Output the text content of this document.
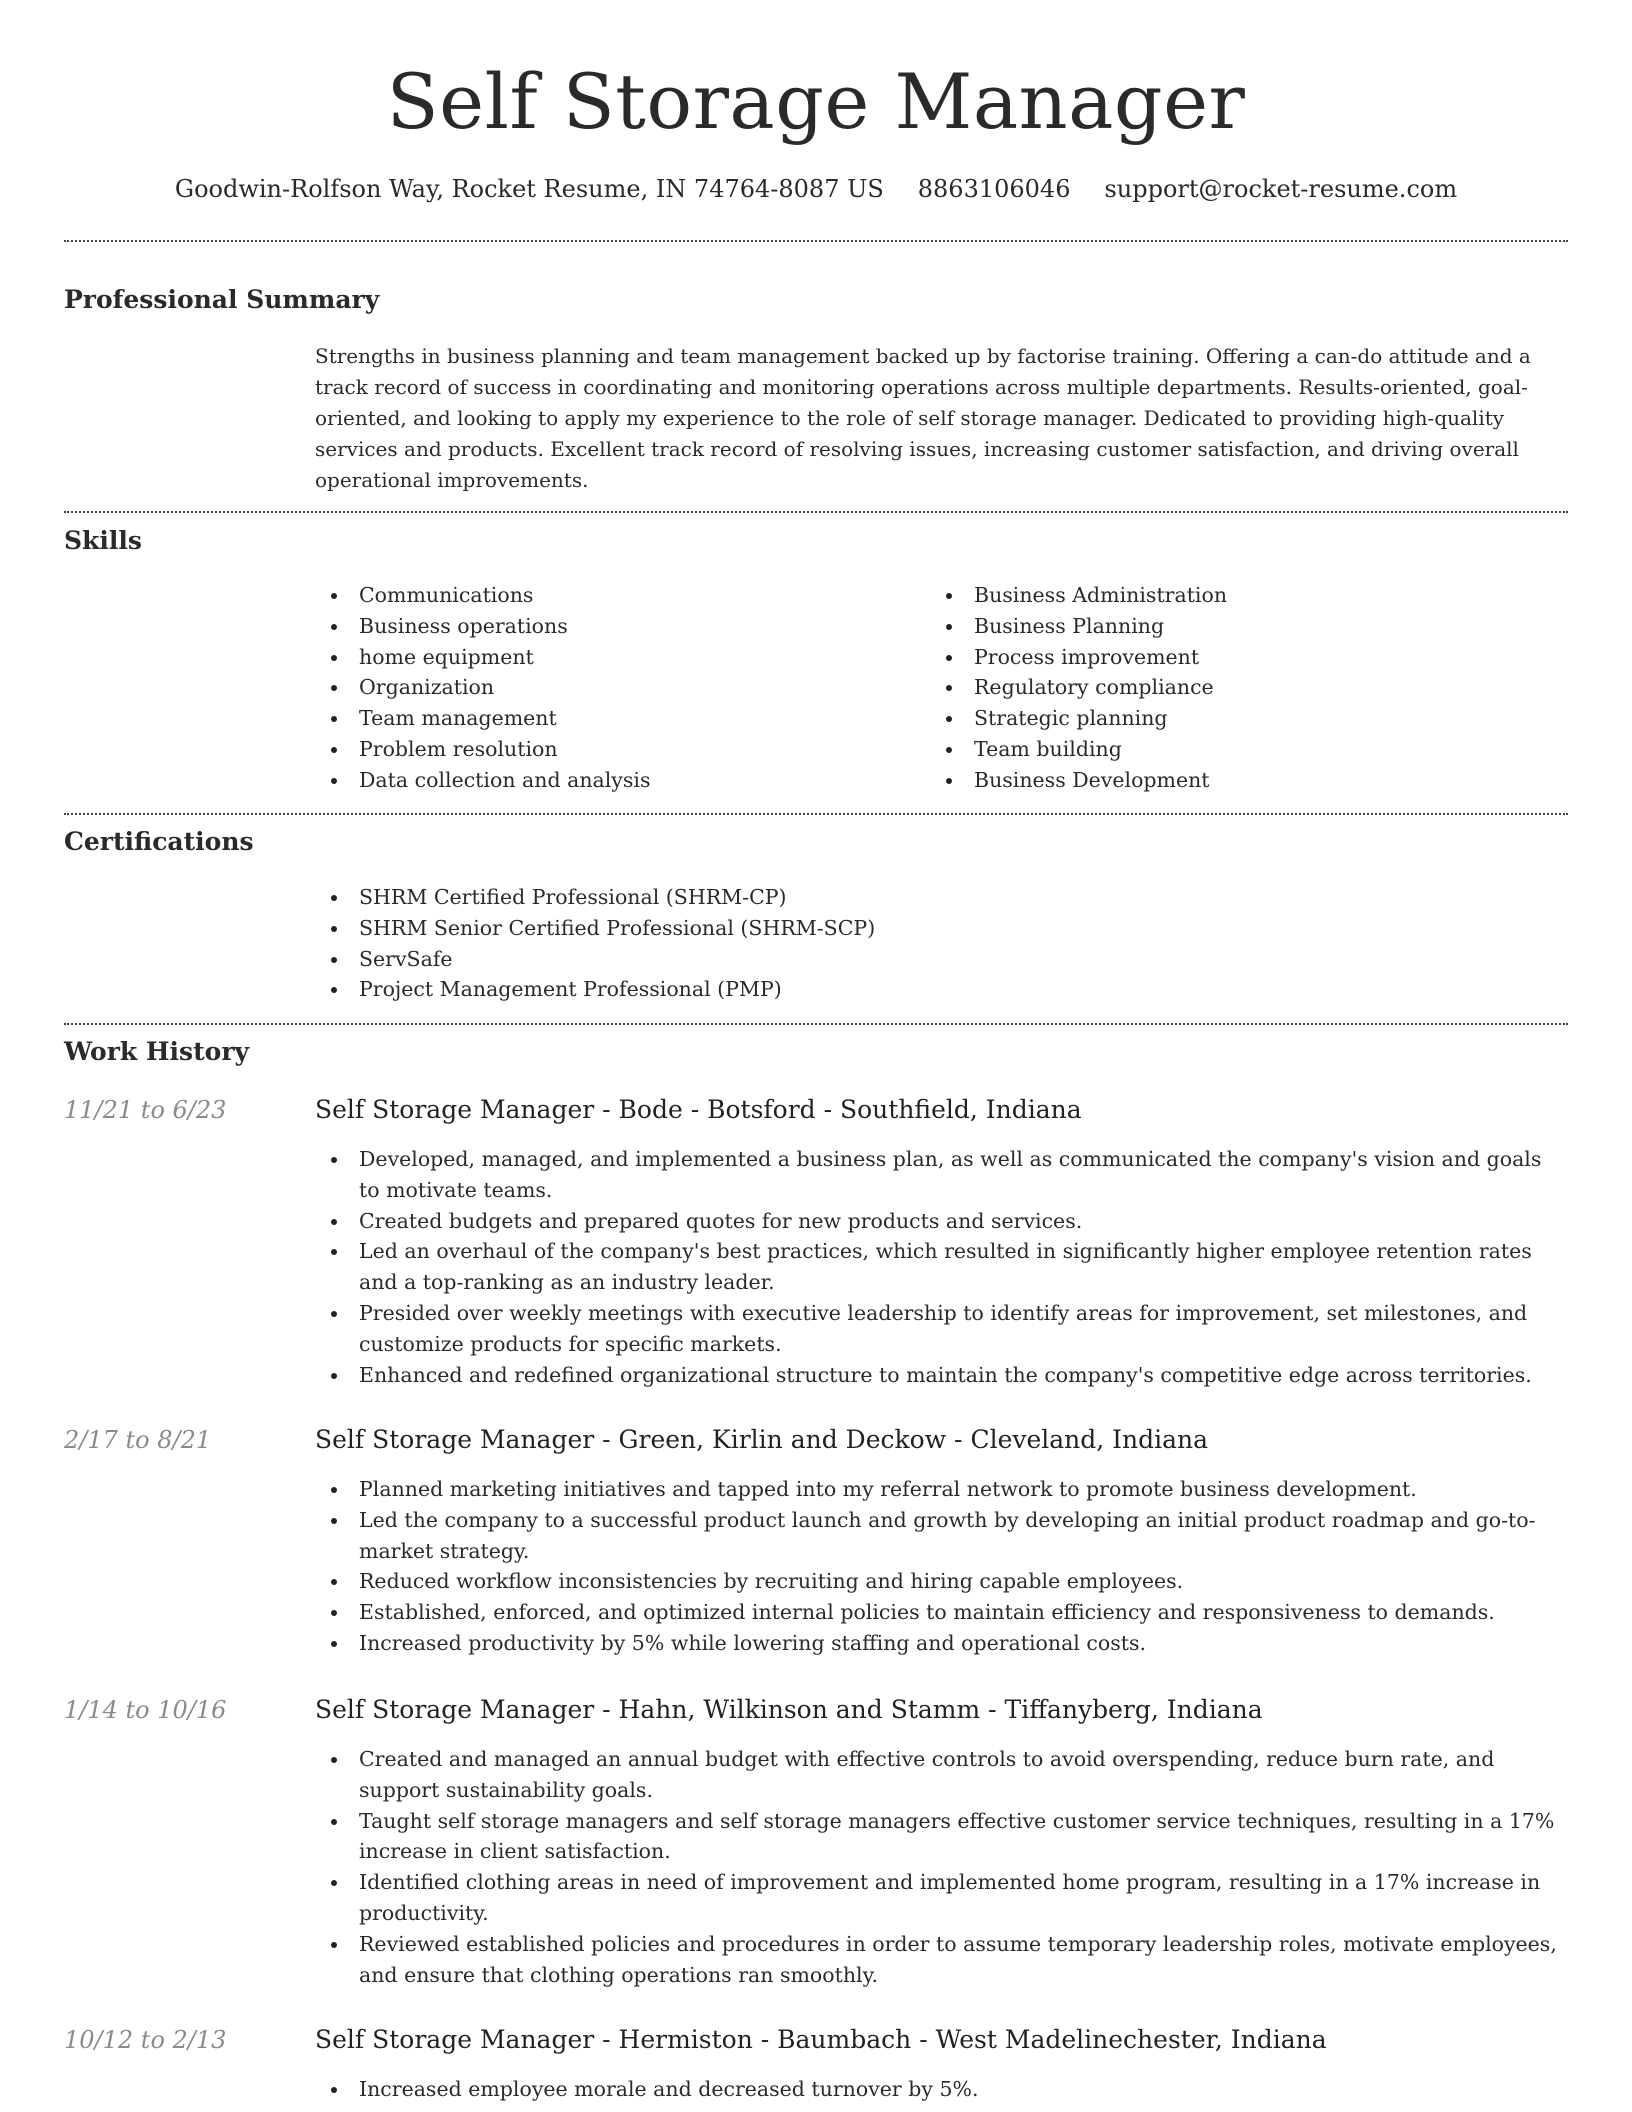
Self Storage Manager
Goodwin-Rolfson Way, Rocket Resume, IN 74764-8087 US 8863106046 support@rocket-resume.com
Professional Summary

Strengths in business planning and team management backed up by factorise training. Offering a can-do attitude and a track record of success in coordinating and monitoring operations across multiple departments. Results-oriented, goal-oriented, and looking to apply my experience to the role of self storage manager. Dedicated to providing high-quality services and products. Excellent track record of resolving issues, increasing customer satisfaction, and driving overall operational improvements.

Skills
Communications
Business operations
home equipment
Organization
Team management
Problem resolution
Data collection and analysis
Business Administration
Business Planning
Process improvement
Regulatory compliance
Strategic planning
Team building
Business Development
Certifications
SHRM Certified Professional (SHRM-CP)
SHRM Senior Certified Professional (SHRM-SCP)
ServSafe
Project Management Professional (PMP)
Work History
11/21 to 6/23	Self Storage Manager - Bode - Botsford - Southfield, Indiana
Developed, managed, and implemented a business plan, as well as communicated the company's vision and goals to motivate teams.
Created budgets and prepared quotes for new products and services.
Led an overhaul of the company's best practices, which resulted in significantly higher employee retention rates and a top-ranking as an industry leader.
Presided over weekly meetings with executive leadership to identify areas for improvement, set milestones, and customize products for specific markets.
Enhanced and redefined organizational structure to maintain the company's competitive edge across territories.
2/17 to 8/21	Self Storage Manager - Green, Kirlin and Deckow - Cleveland, Indiana
Planned marketing initiatives and tapped into my referral network to promote business development.
Led the company to a successful product launch and growth by developing an initial product roadmap and go-to-market strategy.
Reduced workflow inconsistencies by recruiting and hiring capable employees.
Established, enforced, and optimized internal policies to maintain efficiency and responsiveness to demands.
Increased productivity by 5% while lowering staffing and operational costs.
1/14 to 10/16	Self Storage Manager - Hahn, Wilkinson and Stamm - Tiffanyberg, Indiana
Created and managed an annual budget with effective controls to avoid overspending, reduce burn rate, and support sustainability goals.
Taught self storage managers and self storage managers effective customer service techniques, resulting in a 17% increase in client satisfaction.
Identified clothing areas in need of improvement and implemented home program, resulting in a 17% increase in productivity.
Reviewed established policies and procedures in order to assume temporary leadership roles, motivate employees, and ensure that clothing operations ran smoothly.
10/12 to 2/13	Self Storage Manager - Hermiston - Baumbach - West Madelinechester, Indiana
Increased employee morale and decreased turnover by 5%.
